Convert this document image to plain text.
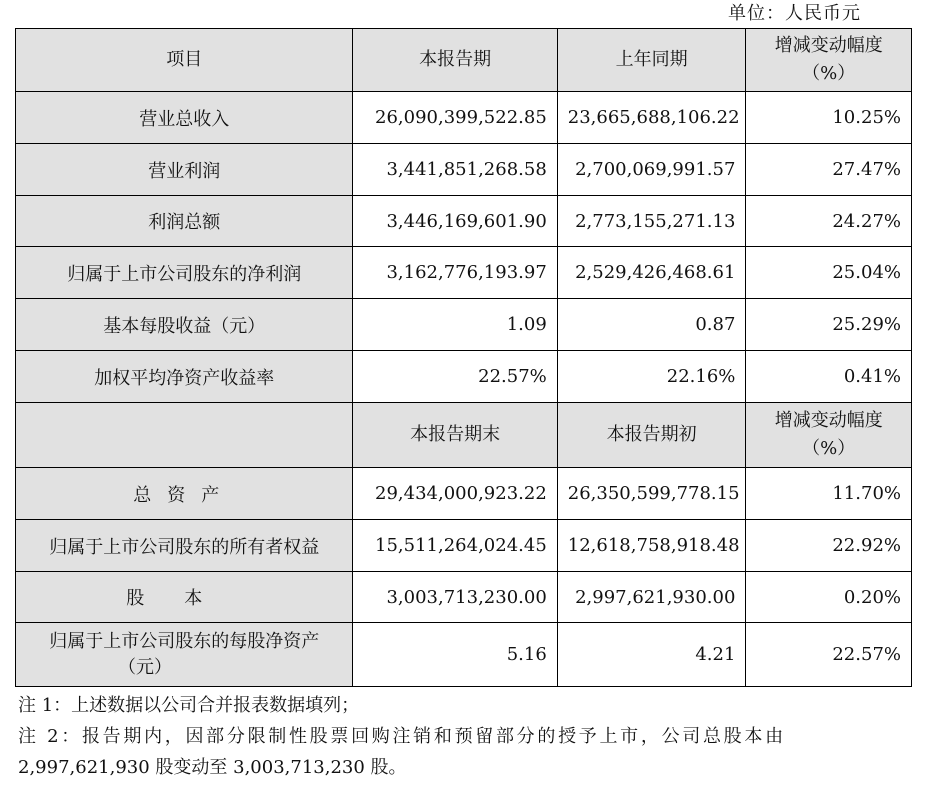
单位：人民币元
项目	本报告期	上年同期	增减变动幅度
（%）

营业总收入	26,090,399,522.85	23,665,688,106.22	10.25%
营业利润	3,441,851,268.58	2,700,069,991.57	27.47%
利润总额	3,446,169,601.90	2,773,155,271.13	24.27%
归属于上市公司股东的净利润	3,162,776,193.97	2,529,426,468.61	25.04%
基本每股收益（元）	1.09	0.87	25.29%
加权平均净资产收益率	22.57%	22.16%	0.41%
	本报告期末	本报告期初	增减变动幅度
（%）

总资产	29,434,000,923.22	26,350,599,778.15	11.70%
归属于上市公司股东的所有者权益	15,511,264,024.45	12,618,758,918.48	22.92%
股本	3,003,713,230.00	2,997,621,930.00	0.20%

归属于上市公司股东的每股净资产
（元）	5.16	4.21	22.57%
注 1：上述数据以公司合并报表数据填列；
注 2：报告期内，因部分限制性股票回购注销和预留部分的授予上市，公司总股本由
2,997,621,930 股变动至 3,003,713,230 股。
